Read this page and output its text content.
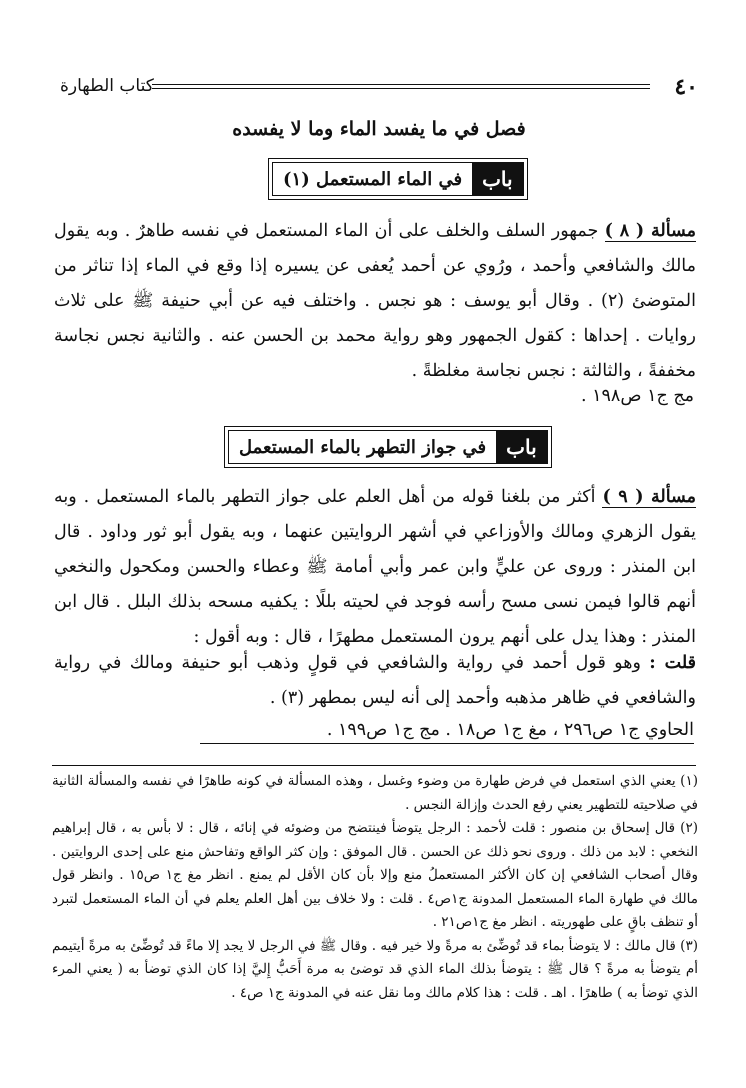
٤٠
كتاب الطهارة
فصل في ما يفسد الماء وما لا يفسده
باب
في الماء المستعمل (١)

مسألة ( ٨ ) جمهور السلف والخلف على أن الماء المستعمل في نفسه طاهرٌ . وبه يقول مالك والشافعي وأحمد ، ورُوي عن أحمد يُعفى عن يسيره إذا وقع في الماء إذا تناثر من المتوضئ (٢) . وقال أبو يوسف : هو نجس . واختلف فيه عن أبي حنيفة ﷺ على ثلاث روايات . إحداها : كقول الجمهور وهو رواية محمد بن الحسن عنه . والثانية نجس نجاسة مخففةً ، والثالثة : نجس نجاسة مغلظةً .

مج ج١ ص١٩٨ .
باب
في جواز التطهر بالماء المستعمل

مسألة ( ٩ ) أكثر من بلغنا قوله من أهل العلم على جواز التطهر بالماء المستعمل . وبه يقول الزهري ومالك والأوزاعي في أشهر الروايتين عنهما ، وبه يقول أبو ثور وداود . قال ابن المنذر : وروى عن عليٍّ وابن عمر وأبي أمامة ﷺ وعطاء والحسن ومكحول والنخعي أنهم قالوا فيمن نسى مسح رأسه فوجد في لحيته بللًا : يكفيه مسحه بذلك البلل . قال ابن المنذر : وهذا يدل على أنهم يرون المستعمل مطهرًا ، قال : وبه أقول :

قلت : وهو قول أحمد في رواية والشافعي في قولٍ وذهب أبو حنيفة ومالك في رواية والشافعي في ظاهر مذهبه وأحمد إلى أنه ليس بمطهر (٣) .

الحاوي ج١ ص٢٩٦ ، مغ ج١ ص١٨ . مج ج١ ص١٩٩ .

(١) يعني الذي استعمل في فرض طهارة من وضوء وغسل ، وهذه المسألة في كونه طاهرًا في نفسه والمسألة الثانية في صلاحيته للتطهير يعني رفع الحدث وإزالة النجس .

(٢) قال إسحاق بن منصور : قلت لأحمد : الرجل يتوضأ فينتضح من وضوئه في إنائه ، قال : لا بأس به ، قال إبراهيم النخعي : لابد من ذلك . وروى نحو ذلك عن الحسن . قال الموفق : وإن كثر الواقع وتفاحش منع على إحدى الروايتين . وقال أصحاب الشافعي إن كان الأكثر المستعملُ منع وإلا بأن كان الأقل لم يمنع . انظر مغ ج١ ص١٥ . وانظر قول مالك في طهارة الماء المستعمل المدونة ج١ص٤ . قلت : ولا خلاف بين أهل العلم يعلم في أن الماء المستعمل لتبرد أو تنظف باقٍ على طهوريته . انظر مغ ج١ص٢١ .

(٣) قال مالك : لا يتوضأ بماء قد تُوضِّئ به مرةً ولا خير فيه . وقال ﷺ في الرجل لا يجد إلا ماءً قد تُوضِّئ به مرةً أيتيمم أم يتوضأ به مرةً ؟ قال ﷺ : يتوضأ بذلك الماء الذي قد توضئ به مرة أَحَبُّ إِليَّ إذا كان الذي توضأ به ( يعني المرء الذي توضأ به ) طاهرًا . اهـ . قلت : هذا كلام مالك وما نقل عنه في المدونة ج١ ص٤ .
